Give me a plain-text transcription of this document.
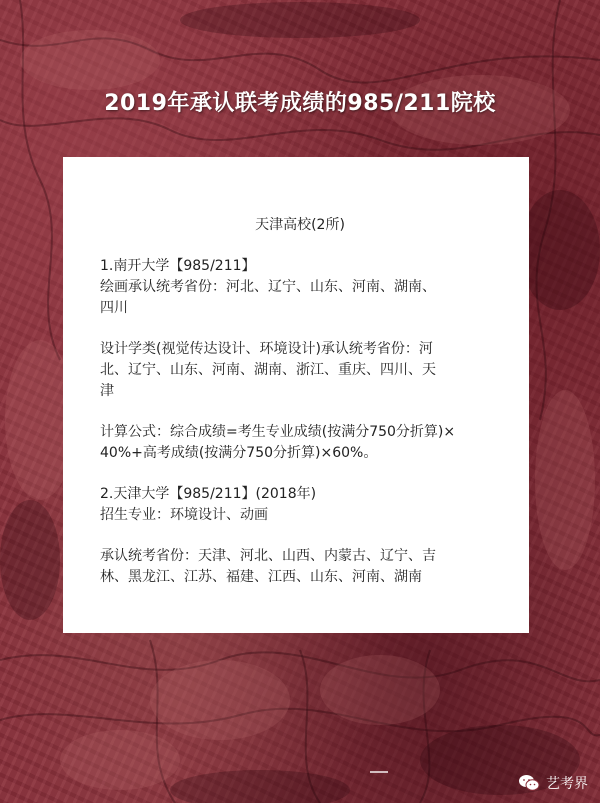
2019年承认联考成绩的985/211院校
天津高校(2所)
1.南开大学【985/211】
绘画承认统考省份：河北、辽宁、山东、河南、湖南、
四川
设计学类(视觉传达设计、环境设计)承认统考省份：河
北、辽宁、山东、河南、湖南、浙江、重庆、四川、天
津
计算公式：综合成绩=考生专业成绩(按满分750分折算)×
40%+高考成绩(按满分750分折算)×60%。
2.天津大学【985/211】(2018年)
招生专业：环境设计、动画
承认统考省份：天津、河北、山西、内蒙古、辽宁、吉
林、黑龙江、江苏、福建、江西、山东、河南、湖南
艺考界
